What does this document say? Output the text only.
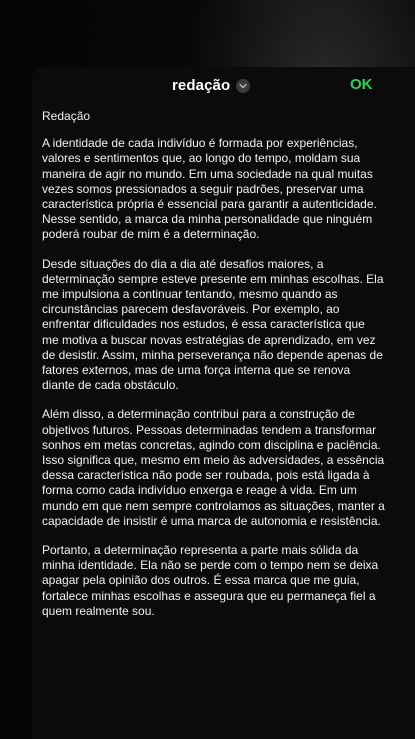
redação	OK
Redação
A identidade de cada indivíduo é formada por experiências,
valores e sentimentos que, ao longo do tempo, moldam sua
maneira de agir no mundo. Em uma sociedade na qual muitas
vezes somos pressionados a seguir padrões, preservar uma
característica própria é essencial para garantir a autenticidade.
Nesse sentido, a marca da minha personalidade que ninguém
poderá roubar de mim é a determinação.
Desde situações do dia a dia até desafios maiores, a
determinação sempre esteve presente em minhas escolhas. Ela
me impulsiona a continuar tentando, mesmo quando as
circunstâncias parecem desfavoráveis. Por exemplo, ao
enfrentar dificuldades nos estudos, é essa característica que
me motiva a buscar novas estratégias de aprendizado, em vez
de desistir. Assim, minha perseverança não depende apenas de
fatores externos, mas de uma força interna que se renova
diante de cada obstáculo.
Além disso, a determinação contribui para a construção de
objetivos futuros. Pessoas determinadas tendem a transformar
sonhos em metas concretas, agindo com disciplina e paciência.
Isso significa que, mesmo em meio às adversidades, a essência
dessa característica não pode ser roubada, pois está ligada à
forma como cada indivíduo enxerga e reage à vida. Em um
mundo em que nem sempre controlamos as situações, manter a
capacidade de insistir é uma marca de autonomia e resistência.
Portanto, a determinação representa a parte mais sólida da
minha identidade. Ela não se perde com o tempo nem se deixa
apagar pela opinião dos outros. É essa marca que me guia,
fortalece minhas escolhas e assegura que eu permaneça fiel a
quem realmente sou.
